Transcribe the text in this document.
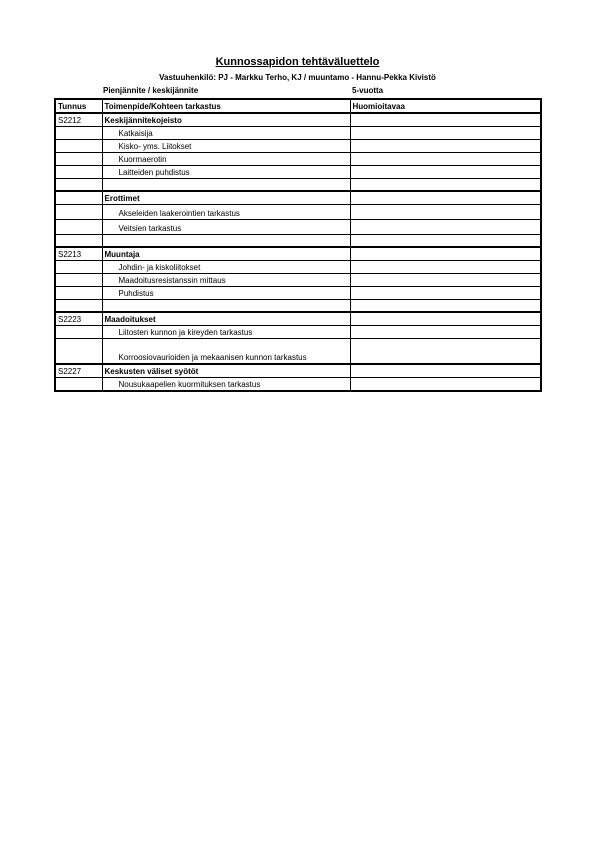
Kunnossapidon tehtäväluettelo
Vastuuhenkilö: PJ - Markku Terho, KJ / muuntamo - Hannu-Pekka Kivistö
Pienjännite / keskijännite	5-vuotta
Tunnus	Toimenpide/Kohteen tarkastus	Huomioitavaa
S2212	Keskijännitekojeisto	
	Katkaisija	
	Kisko- yms. Liitokset	
	Kuormaerotin	
	Laitteiden puhdistus	

	Erottimet	
	Akseleiden laakerointien tarkastus	
	Veitsien tarkastus	

S2213	Muuntaja	
	Johdin- ja kiskoliitokset	
	Maadoitusresistanssin mittaus	
	Puhdistus	

S2223	Maadoitukset	
	Liitosten kunnon ja kireyden tarkastus	
	Korroosiovaurioiden ja mekaanisen kunnon tarkastus	
S2227	Keskusten väliset syötöt	
	Nousukaapelien kuormituksen tarkastus	
